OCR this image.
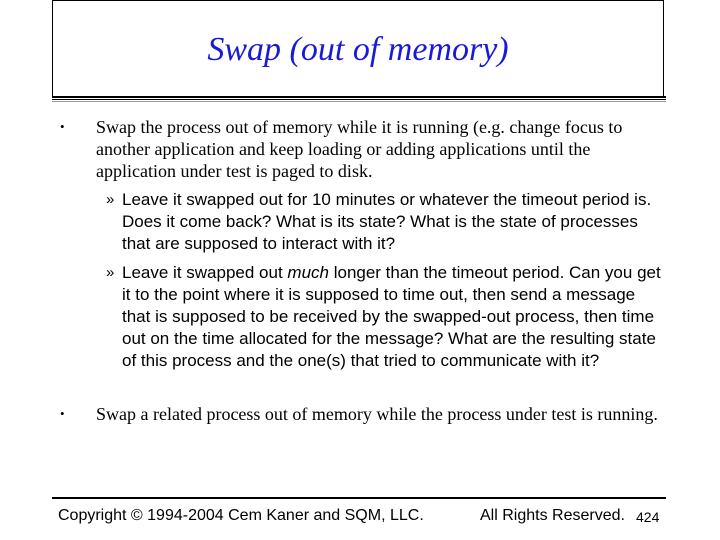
Swap (out of memory)
• Swap the process out of memory while it is running (e.g. change focus to another application and keep loading or adding applications until the application under test is paged to disk.
» Leave it swapped out for 10 minutes or whatever the timeout period is. Does it come back? What is its state? What is the state of processes that are supposed to interact with it?
» Leave it swapped out much longer than the timeout period. Can you get it to the point where it is supposed to time out, then send a message that is supposed to be received by the swapped-out process, then time out on the time allocated for the message? What are the resulting state of this process and the one(s) that tried to communicate with it?
• Swap a related process out of memory while the process under test is running.
Copyright © 1994-2004 Cem Kaner and SQM, LLC.	All Rights Reserved. 424
